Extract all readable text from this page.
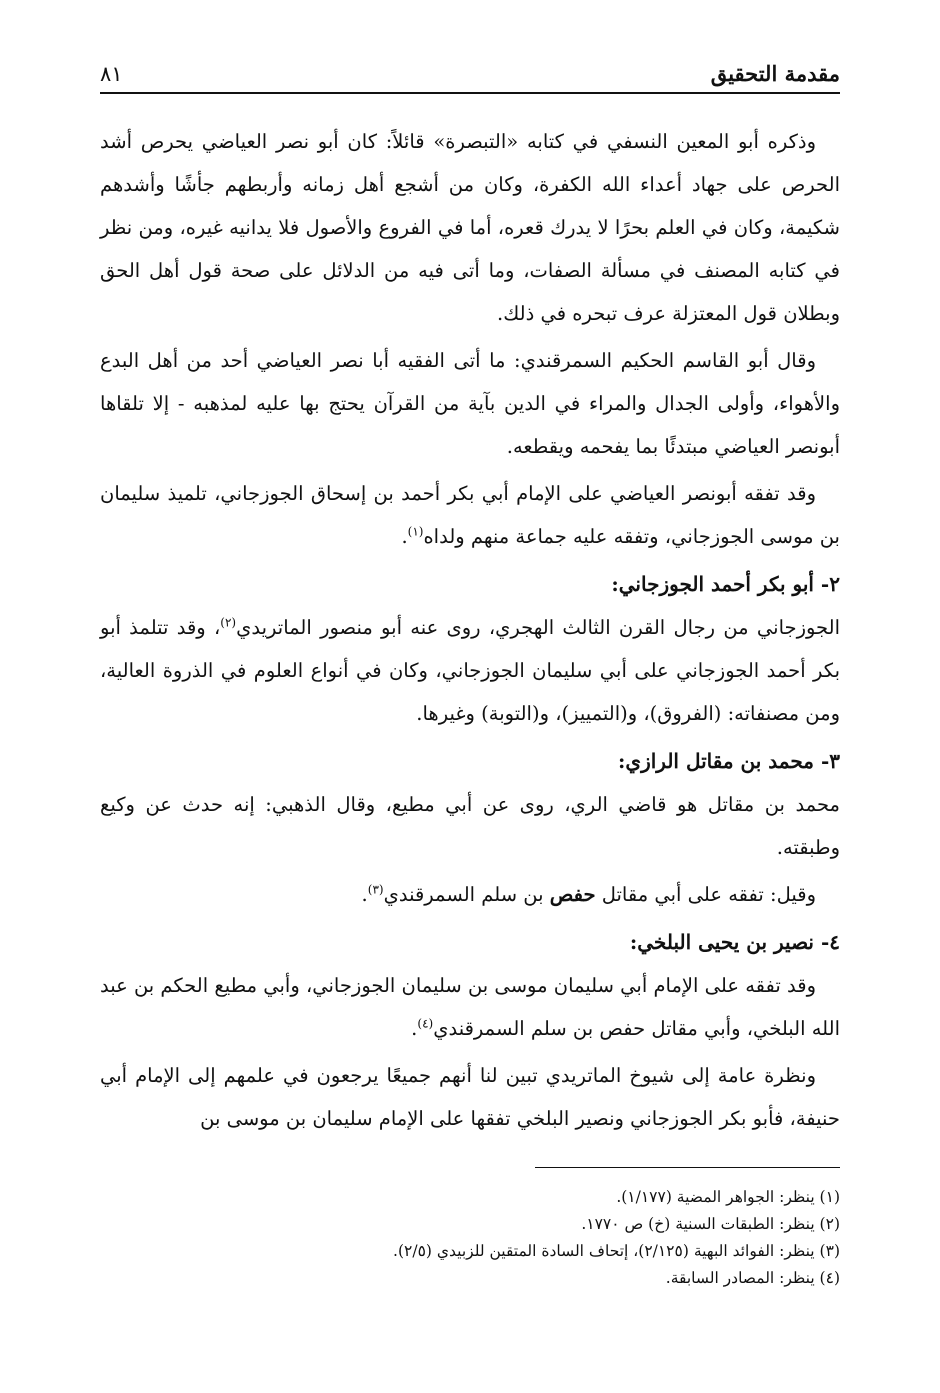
مقدمة التحقيق
٨١

وذكره أبو المعين النسفي في كتابه «التبصرة» قائلاً: كان أبو نصر العياضي يحرص أشد الحرص على جهاد أعداء الله الكفرة، وكان من أشجع أهل زمانه وأربطهم جأشًا وأشدهم شكيمة، وكان في العلم بحرًا لا يدرك قعره، أما في الفروع والأصول فلا يدانيه غيره، ومن نظر في كتابه المصنف في مسألة الصفات، وما أتى فيه من الدلائل على صحة قول أهل الحق وبطلان قول المعتزلة عرف تبحره في ذلك.

وقال أبو القاسم الحكيم السمرقندي: ما أتى الفقيه أبا نصر العياضي أحد من أهل البدع والأهواء، وأولى الجدال والمراء في الدين بآية من القرآن يحتج بها عليه لمذهبه - إلا تلقاها أبونصر العياضي مبتدئًا بما يفحمه ويقطعه.

وقد تفقه أبونصر العياضي على الإمام أبي بكر أحمد بن إسحاق الجوزجاني، تلميذ سليمان بن موسى الجوزجاني، وتفقه عليه جماعة منهم ولداه$^{(١)}$.

٢- أبو بكر أحمد الجوزجاني:

الجوزجاني من رجال القرن الثالث الهجري، روى عنه أبو منصور الماتريدي$^{(٢)}$، وقد تتلمذ أبو بكر أحمد الجوزجاني على أبي سليمان الجوزجاني، وكان في أنواع العلوم في الذروة العالية، ومن مصنفاته: (الفروق)، و(التمييز)، و(التوبة) وغيرها.

٣- محمد بن مقاتل الرازي:

محمد بن مقاتل هو قاضي الري، روى عن أبي مطيع، وقال الذهبي: إنه حدث عن وكيع وطبقته.

وقيل: تفقه على أبي مقاتل حفص بن سلم السمرقندي$^{(٣)}$.

٤- نصير بن يحيى البلخي:

وقد تفقه على الإمام أبي سليمان موسى بن سليمان الجوزجاني، وأبي مطيع الحكم بن عبد الله البلخي، وأبي مقاتل حفص بن سلم السمرقندي$^{(٤)}$.

ونظرة عامة إلى شيوخ الماتريدي تبين لنا أنهم جميعًا يرجعون في علمهم إلى الإمام أبي حنيفة، فأبو بكر الجوزجاني ونصير البلخي تفقها على الإمام سليمان بن موسى بن

(١) ينظر: الجواهر المضية (١/١٧٧).
(٢) ينظر: الطبقات السنية (خ) ص ١٧٧٠.
(٣) ينظر: الفوائد البهية (٢/١٢٥)، إتحاف السادة المتقين للزبيدي (٢/٥).
(٤) ينظر: المصادر السابقة.
